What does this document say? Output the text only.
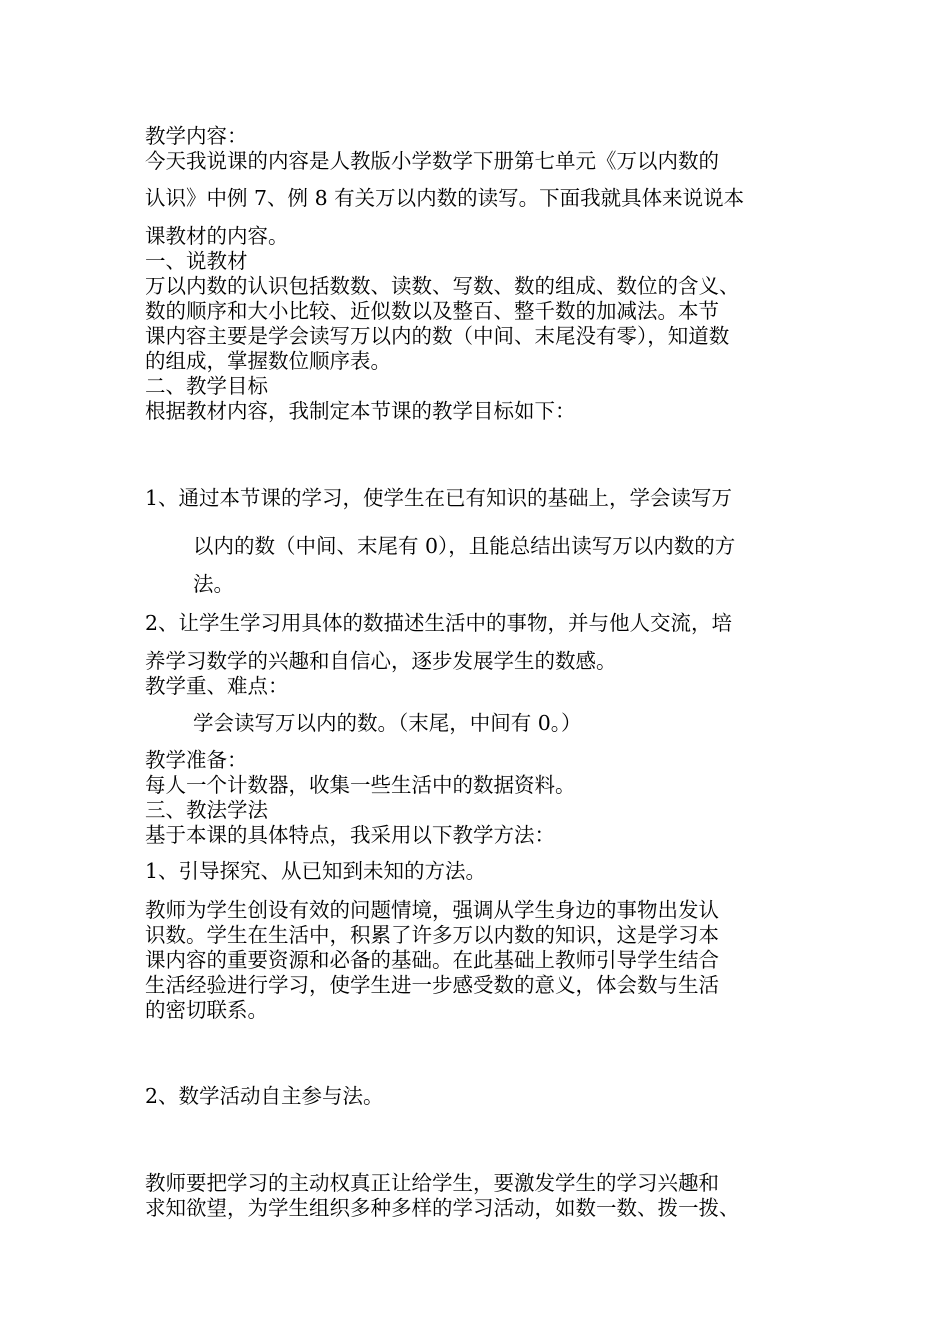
教学内容：
今天我说课的内容是人教版小学数学下册第七单元《万以内数的
认识》中例 7、例 8 有关万以内数的读写。下面我就具体来说说本
课教材的内容。
一、说教材
万以内数的认识包括数数、读数、写数、数的组成、数位的含义、
数的顺序和大小比较、近似数以及整百、整千数的加减法。本节
课内容主要是学会读写万以内的数（中间、末尾没有零），知道数
的组成，掌握数位顺序表。
二、教学目标
根据教材内容，我制定本节课的教学目标如下：
1、通过本节课的学习，使学生在已有知识的基础上，学会读写万
以内的数（中间、末尾有 0），且能总结出读写万以内数的方
法。
2、让学生学习用具体的数描述生活中的事物，并与他人交流，培
养学习数学的兴趣和自信心，逐步发展学生的数感。
教学重、难点：
学会读写万以内的数。（末尾，中间有 0。）
教学准备：
每人一个计数器，收集一些生活中的数据资料。
三、教法学法
基于本课的具体特点，我采用以下教学方法：
1、引导探究、从已知到未知的方法。
教师为学生创设有效的问题情境，强调从学生身边的事物出发认
识数。学生在生活中，积累了许多万以内数的知识，这是学习本
课内容的重要资源和必备的基础。在此基础上教师引导学生结合
生活经验进行学习，使学生进一步感受数的意义，体会数与生活
的密切联系。
2、数学活动自主参与法。
教师要把学习的主动权真正让给学生，要激发学生的学习兴趣和
求知欲望，为学生组织多种多样的学习活动，如数一数、拨一拨、
